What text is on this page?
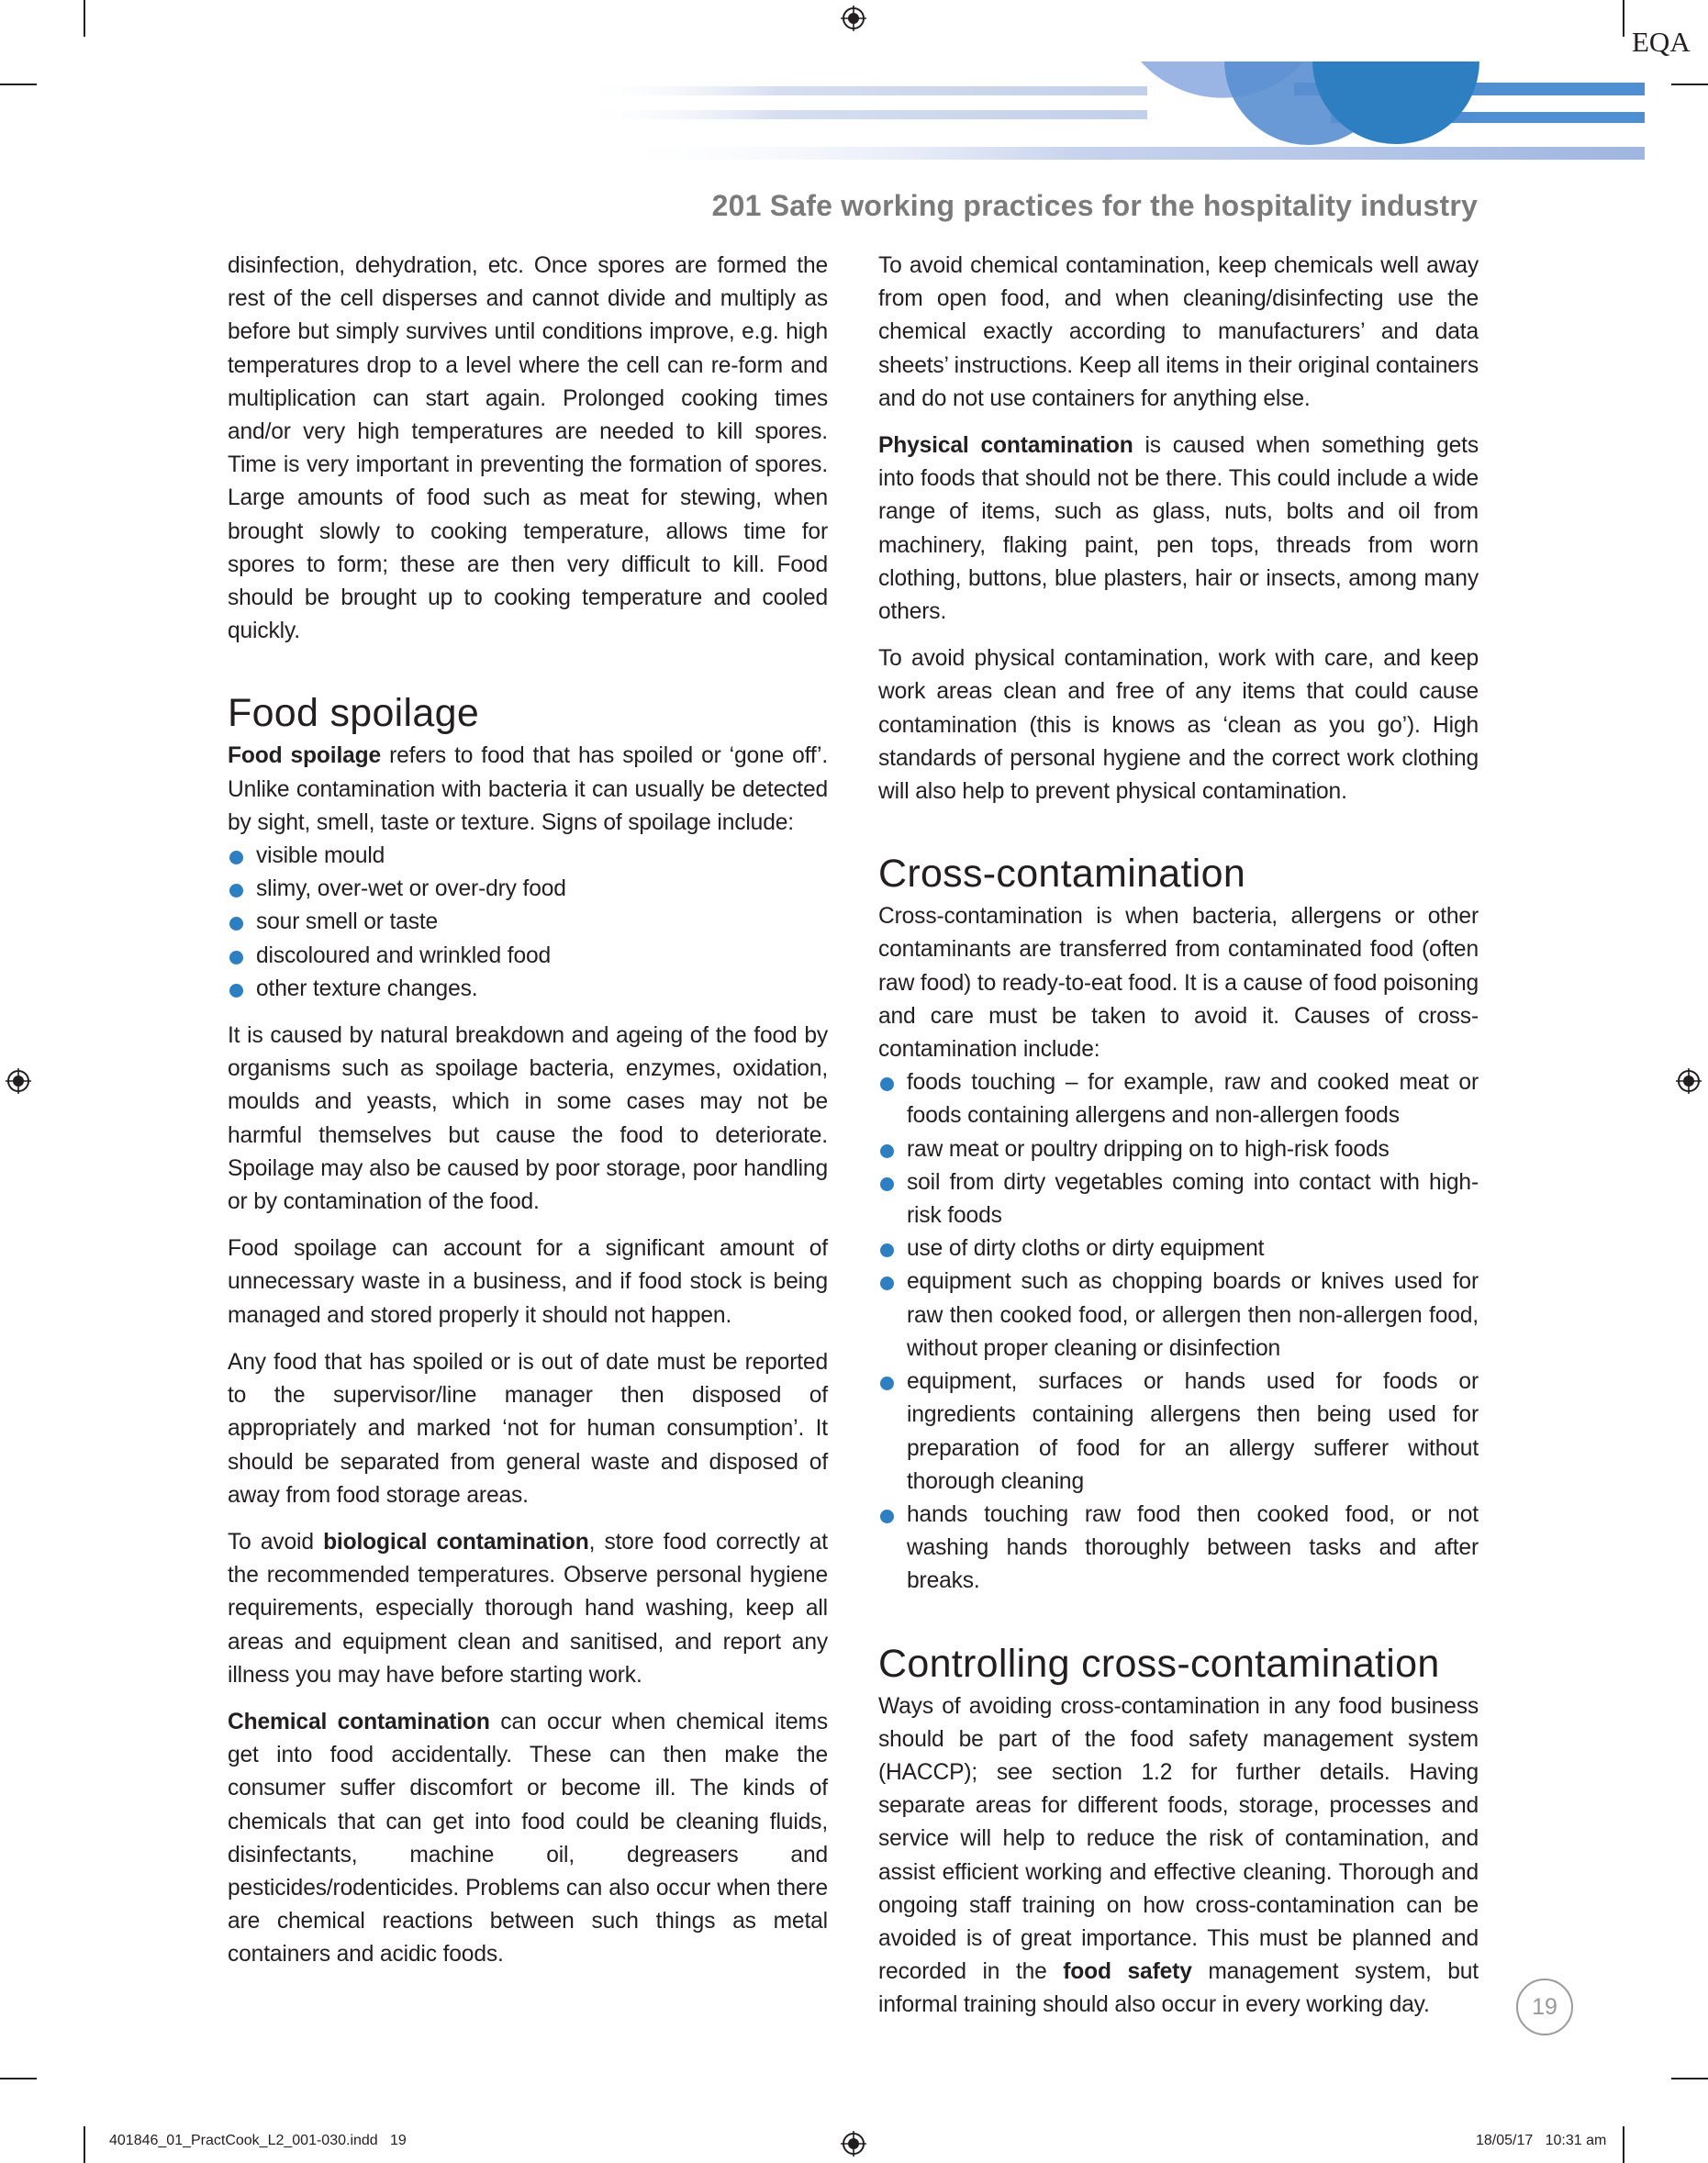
EQA
201 Safe working practices for the hospitality industry

disinfection, dehydration, etc. Once spores are formed the rest of the cell disperses and cannot divide and multiply as before but simply survives until conditions improve, e.g. high temperatures drop to a level where the cell can re-form and multiplication can start again. Prolonged cooking times and/or very high temperatures are needed to kill spores. Time is very important in preventing the formation of spores. Large amounts of food such as meat for stewing, when brought slowly to cooking temperature, allows time for spores to form; these are then very difficult to kill. Food should be brought up to cooking temperature and cooled quickly.

Food spoilage

Food spoilage refers to food that has spoiled or ‘gone off’. Unlike contamination with bacteria it can usually be detected by sight, smell, taste or texture. Signs of spoilage include:

visible mould
slimy, over-wet or over-dry food
sour smell or taste
discoloured and wrinkled food
other texture changes.

It is caused by natural breakdown and ageing of the food by organisms such as spoilage bacteria, enzymes, oxidation, moulds and yeasts, which in some cases may not be harmful themselves but cause the food to deteriorate. Spoilage may also be caused by poor storage, poor handling or by contamination of the food.

Food spoilage can account for a significant amount of unnecessary waste in a business, and if food stock is being managed and stored properly it should not happen.

Any food that has spoiled or is out of date must be reported to the supervisor/line manager then disposed of appropriately and marked ‘not for human consumption’. It should be separated from general waste and disposed of away from food storage areas.

To avoid biological contamination, store food correctly at the recommended temperatures. Observe personal hygiene requirements, especially thorough hand washing, keep all areas and equipment clean and sanitised, and report any illness you may have before starting work.

Chemical contamination can occur when chemical items get into food accidentally. These can then make the consumer suffer discomfort or become ill. The kinds of chemicals that can get into food could be cleaning fluids, disinfectants, machine oil, degreasers and pesticides/rodenticides. Problems can also occur when there are chemical reactions between such things as metal containers and acidic foods.

To avoid chemical contamination, keep chemicals well away from open food, and when cleaning/disinfecting use the chemical exactly according to manufacturers’ and data sheets’ instructions. Keep all items in their original containers and do not use containers for anything else.

Physical contamination is caused when something gets into foods that should not be there. This could include a wide range of items, such as glass, nuts, bolts and oil from machinery, flaking paint, pen tops, threads from worn clothing, buttons, blue plasters, hair or insects, among many others.

To avoid physical contamination, work with care, and keep work areas clean and free of any items that could cause contamination (this is knows as ‘clean as you go’). High standards of personal hygiene and the correct work clothing will also help to prevent physical contamination.

Cross-contamination

Cross-contamination is when bacteria, allergens or other contaminants are transferred from contaminated food (often raw food) to ready-to-eat food. It is a cause of food poisoning and care must be taken to avoid it. Causes of cross-contamination include:

foods touching – for example, raw and cooked meat or foods containing allergens and non-allergen foods
raw meat or poultry dripping on to high-risk foods
soil from dirty vegetables coming into contact with high-risk foods
use of dirty cloths or dirty equipment
equipment such as chopping boards or knives used for raw then cooked food, or allergen then non-allergen food, without proper cleaning or disinfection
equipment, surfaces or hands used for foods or ingredients containing allergens then being used for preparation of food for an allergy sufferer without thorough cleaning
hands touching raw food then cooked food, or not washing hands thoroughly between tasks and after breaks.
Controlling cross-contamination

Ways of avoiding cross-contamination in any food business should be part of the food safety management system (HACCP); see section 1.2 for further details. Having separate areas for different foods, storage, processes and service will help to reduce the risk of contamination, and assist efficient working and effective cleaning. Thorough and ongoing staff training on how cross-contamination can be avoided is of great importance. This must be planned and recorded in the food safety management system, but informal training should also occur in every working day.	19
401846_01_PractCook_L2_001-030.indd   19	18/05/17   10:31 am
